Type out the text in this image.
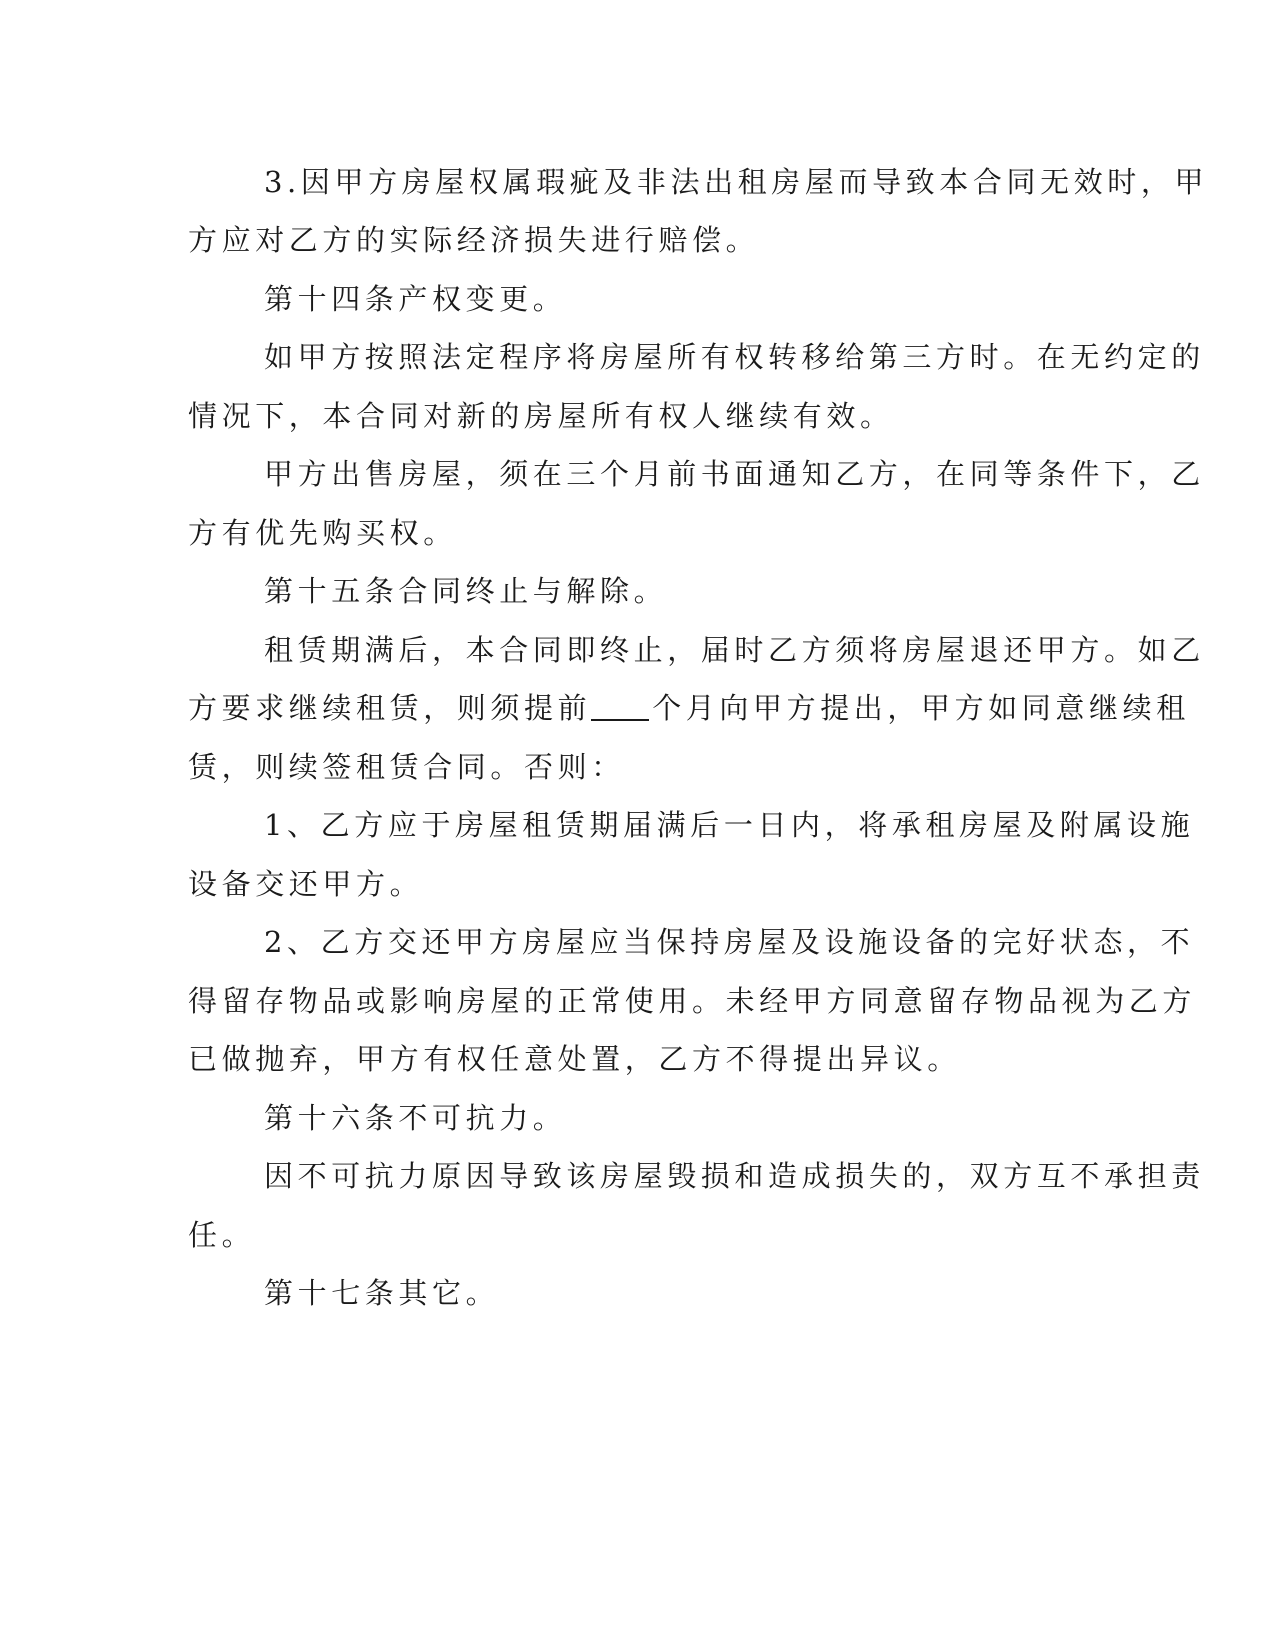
3.因甲方房屋权属瑕疵及非法出租房屋而导致本合同无效时，甲
方应对乙方的实际经济损失进行赔偿。
第十四条产权变更。
如甲方按照法定程序将房屋所有权转移给第三方时。在无约定的
情况下，本合同对新的房屋所有权人继续有效。
甲方出售房屋，须在三个月前书面通知乙方，在同等条件下，乙
方有优先购买权。
第十五条合同终止与解除。
租赁期满后，本合同即终止，届时乙方须将房屋退还甲方。如乙
方要求继续租赁，则须提前 个月向甲方提出，甲方如同意继续租
赁，则续签租赁合同。否则：
1、乙方应于房屋租赁期届满后一日内，将承租房屋及附属设施
设备交还甲方。
2、乙方交还甲方房屋应当保持房屋及设施设备的完好状态，不
得留存物品或影响房屋的正常使用。未经甲方同意留存物品视为乙方
已做抛弃，甲方有权任意处置，乙方不得提出异议。
第十六条不可抗力。
因不可抗力原因导致该房屋毁损和造成损失的，双方互不承担责
任。
第十七条其它。
